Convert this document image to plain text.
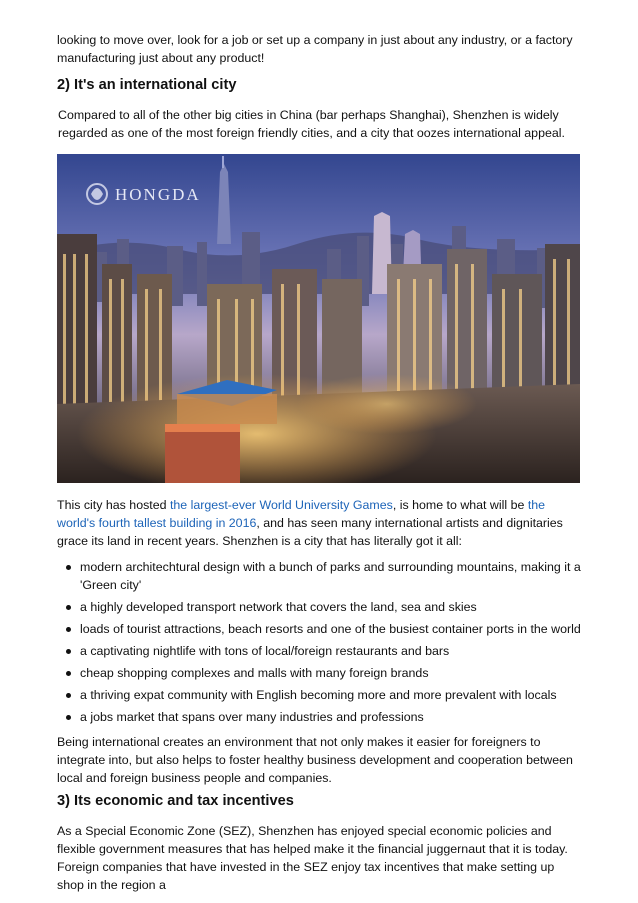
looking to move over, look for a job or set up a company in just about any industry, or a factory manufacturing just about any product!

2) It's an international city

Compared to all of the other big cities in China (bar perhaps Shanghai), Shenzhen is widely regarded as one of the most foreign friendly cities, and a city that oozes international appeal.

HONGDA

This city has hosted the largest-ever World University Games, is home to what will be the world's fourth tallest building in 2016, and has seen many international artists and dignitaries grace its land in recent years. Shenzhen is a city that has literally got it all:

modern architechtural design with a bunch of parks and surrounding mountains, making it a 'Green city'
a highly developed transport network that covers the land, sea and skies
loads of tourist attractions, beach resorts and one of the busiest container ports in the world
a captivating nightlife with tons of local/foreign restaurants and bars
cheap shopping complexes and malls with many foreign brands
a thriving expat community with English becoming more and more prevalent with locals
a jobs market that spans over many industries and professions

Being international creates an environment that not only makes it easier for foreigners to integrate into, but also helps to foster healthy business development and cooperation between local and foreign business people and companies.

3) Its economic and tax incentives

As a Special Economic Zone (SEZ), Shenzhen has enjoyed special economic policies and flexible government measures that has helped make it the financial juggernaut that it is today. Foreign companies that have invested in the SEZ enjoy tax incentives that make setting up shop in the region a
